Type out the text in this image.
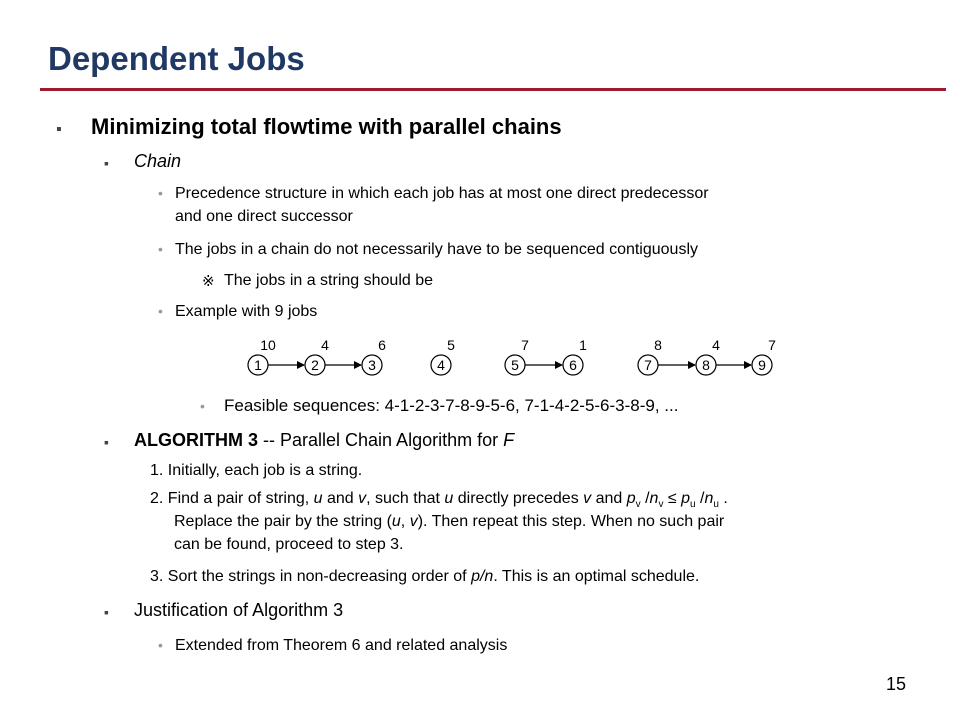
Dependent Jobs
▪ Minimizing total flowtime with parallel chains
▪ Chain
• Precedence structure in which each job has at most one direct predecessor
and one direct successor
• The jobs in a chain do not necessarily have to be sequenced contiguously
※ The jobs in a string should be
• Example with 9 jobs
1
10
2
4
3
6
4
5
5
7
6
1
7
8
8
4
9
7
• Feasible sequences: 4-1-2-3-7-8-9-5-6, 7-1-4-2-5-6-3-8-9, ...
▪ ALGORITHM 3 -- Parallel Chain Algorithm for F
1. Initially, each job is a string.
2. Find a pair of string, u and v, such that u directly precedes v and $p_v$ $/n_v \le p_u$ $/n_u$ .
Replace the pair by the string (u, v). Then repeat this step. When no such pair
can be found, proceed to step 3.
3. Sort the strings in non-decreasing order of p/n. This is an optimal schedule.
▪ Justification of Algorithm 3
• Extended from Theorem 6 and related analysis
15
